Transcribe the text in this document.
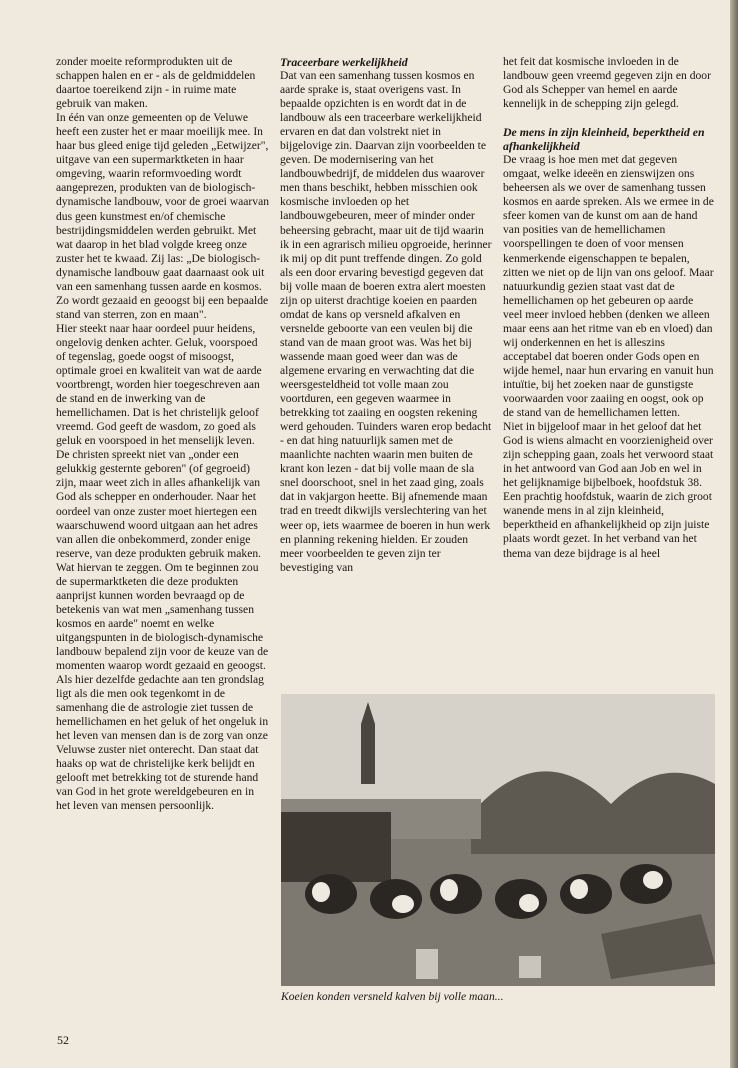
zonder moeite reformprodukten uit de schappen halen en er - als de geldmiddelen daartoe toereikend zijn - in ruime mate gebruik van maken.

In één van onze gemeenten op de Veluwe heeft een zuster het er maar moeilijk mee. In haar bus gleed enige tijd geleden „Eetwijzer", uitgave van een supermarktketen in haar omgeving, waarin reformvoeding wordt aangeprezen, produkten van de biologisch-dynamische landbouw, voor de groei waarvan dus geen kunstmest en/of chemische bestrijdingsmiddelen werden gebruikt. Met wat daarop in het blad volgde kreeg onze zuster het te kwaad. Zij las: „De biologisch-dynamische landbouw gaat daarnaast ook uit van een samenhang tussen aarde en kosmos. Zo wordt gezaaid en geoogst bij een bepaalde stand van sterren, zon en maan".

Hier steekt naar haar oordeel puur heidens, ongelovig denken achter. Geluk, voorspoed of tegenslag, goede oogst of misoogst, optimale groei en kwaliteit van wat de aarde voortbrengt, worden hier toegeschreven aan de stand en de inwerking van de hemellichamen. Dat is het christelijk geloof vreemd. God geeft de wasdom, zo goed als geluk en voorspoed in het menselijk leven. De christen spreekt niet van „onder een gelukkig gesternte geboren" (of gegroeid) zijn, maar weet zich in alles afhankelijk van God als schepper en onderhouder. Naar het oordeel van onze zuster moet hiertegen een waarschuwend woord uitgaan aan het adres van allen die onbekommerd, zonder enige reserve, van deze produkten gebruik maken.

Wat hiervan te zeggen. Om te beginnen zou de supermarktketen die deze produkten aanprijst kunnen worden bevraagd op de betekenis van wat men „samenhang tussen kosmos en aarde" noemt en welke uitgangspunten in de biologisch-dynamische landbouw bepalend zijn voor de keuze van de momenten waarop wordt gezaaid en geoogst. Als hier dezelfde gedachte aan ten grondslag ligt als die men ook tegenkomt in de samenhang die de astrologie ziet tussen de hemellichamen en het geluk of het ongeluk in het leven van mensen dan is de zorg van onze Veluwse zuster niet onterecht. Dan staat dat haaks op wat de christelijke kerk belijdt en gelooft met betrekking tot de sturende hand van God in het grote wereldgebeuren en in het leven van mensen persoonlijk.

Traceerbare werkelijkheid

Dat van een samenhang tussen kosmos en aarde sprake is, staat overigens vast. In bepaalde opzichten is en wordt dat in de landbouw als een traceerbare werkelijkheid ervaren en dat dan volstrekt niet in bijgelovige zin. Daarvan zijn voorbeelden te geven. De modernisering van het landbouwbedrijf, de middelen dus waarover men thans beschikt, hebben misschien ook kosmische invloeden op het landbouwgebeuren, meer of minder onder beheersing gebracht, maar uit de tijd waarin ik in een agrarisch milieu opgroeide, herinner ik mij op dit punt treffende dingen. Zo gold als een door ervaring bevestigd gegeven dat bij volle maan de boeren extra alert moesten zijn op uiterst drachtige koeien en paarden omdat de kans op versneld afkalven en versnelde geboorte van een veulen bij die stand van de maan groot was. Was het bij wassende maan goed weer dan was de algemene ervaring en verwachting dat die weersgesteldheid tot volle maan zou voortduren, een gegeven waarmee in betrekking tot zaaiing en oogsten rekening werd gehouden. Tuinders waren erop bedacht - en dat hing natuurlijk samen met de maanlichte nachten waarin men buiten de krant kon lezen - dat bij volle maan de sla snel doorschoot, snel in het zaad ging, zoals dat in vakjargon heette. Bij afnemende maan trad en treedt dikwijls verslechtering van het weer op, iets waarmee de boeren in hun werk en planning rekening hielden. Er zouden meer voorbeelden te geven zijn ter bevestiging van

het feit dat kosmische invloeden in de landbouw geen vreemd gegeven zijn en door God als Schepper van hemel en aarde kennelijk in de schepping zijn gelegd.

De mens in zijn kleinheid, beperktheid en afhankelijkheid

De vraag is hoe men met dat gegeven omgaat, welke ideeën en zienswijzen ons beheersen als we over de samenhang tussen kosmos en aarde spreken. Als we ermee in de sfeer komen van de kunst om aan de hand van posities van de hemellichamen voorspellingen te doen of voor mensen kenmerkende eigenschappen te bepalen, zitten we niet op de lijn van ons geloof. Maar natuurkundig gezien staat vast dat de hemellichamen op het gebeuren op aarde veel meer invloed hebben (denken we alleen maar eens aan het ritme van eb en vloed) dan wij onderkennen en het is alleszins acceptabel dat boeren onder Gods open en wijde hemel, naar hun ervaring en vanuit hun intuïtie, bij het zoeken naar de gunstigste voorwaarden voor zaaiing en oogst, ook op de stand van de hemellichamen letten.

Niet in bijgeloof maar in het geloof dat het God is wiens almacht en voorzienigheid over zijn schepping gaan, zoals het verwoord staat in het antwoord van God aan Job en wel in het gelijknamige bijbelboek, hoofdstuk 38. Een prachtig hoofdstuk, waarin de zich groot wanende mens in al zijn kleinheid, beperktheid en afhankelijkheid op zijn juiste plaats wordt gezet. In het verband van het thema van deze bijdrage is al heel

Koeien konden versneld kalven bij volle maan...
52
